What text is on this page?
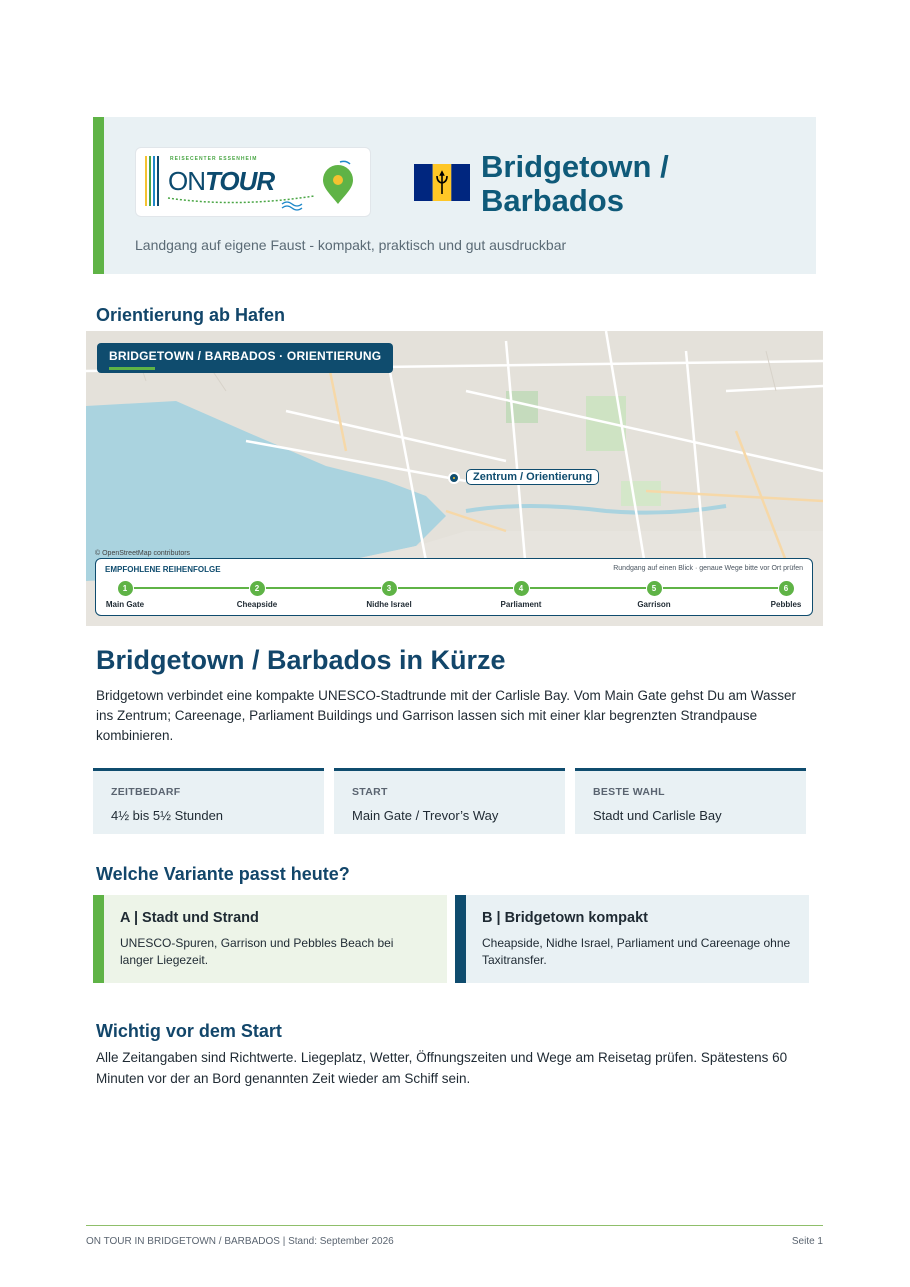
REISECENTER ESSENHEIM
ONTOUR	Bridgetown /
Barbados
Landgang auf eigene Faust - kompakt, praktisch und gut ausdruckbar
Orientierung ab Hafen
BRIDGETOWN / BARBADOS · ORIENTIERUNG
Zentrum / Orientierung
© OpenStreetMap contributors
EMPFOHLENE REIHENFOLGE	Rundgang auf einen Blick · genaue Wege bitte vor Ort prüfen
1
Main Gate
2
Cheapside
3
Nidhe Israel
4
Parliament
5
Garrison
6
Pebbles
Bridgetown / Barbados in Kürze

Bridgetown verbindet eine kompakte UNESCO-Stadtrunde mit der Carlisle Bay. Vom Main Gate gehst Du am Wasser ins Zentrum; Careenage, Parliament Buildings und Garrison lassen sich mit einer klar begrenzten Strandpause kombinieren.

ZEITBEDARF
4½ bis 5½ Stunden
START
Main Gate / Trevor’s Way
BESTE WAHL
Stadt und Carlisle Bay
Welche Variante passt heute?
A | Stadt und Strand
UNESCO-Spuren, Garrison und Pebbles Beach bei langer Liegezeit.
B | Bridgetown kompakt
Cheapside, Nidhe Israel, Parliament und Careenage ohne Taxitransfer.
Wichtig vor dem Start

Alle Zeitangaben sind Richtwerte. Liegeplatz, Wetter, Öffnungszeiten und Wege am Reisetag prüfen. Spätestens 60 Minuten vor der an Bord genannten Zeit wieder am Schiff sein.

ON TOUR IN BRIDGETOWN / BARBADOS | Stand: September 2026	Seite 1
